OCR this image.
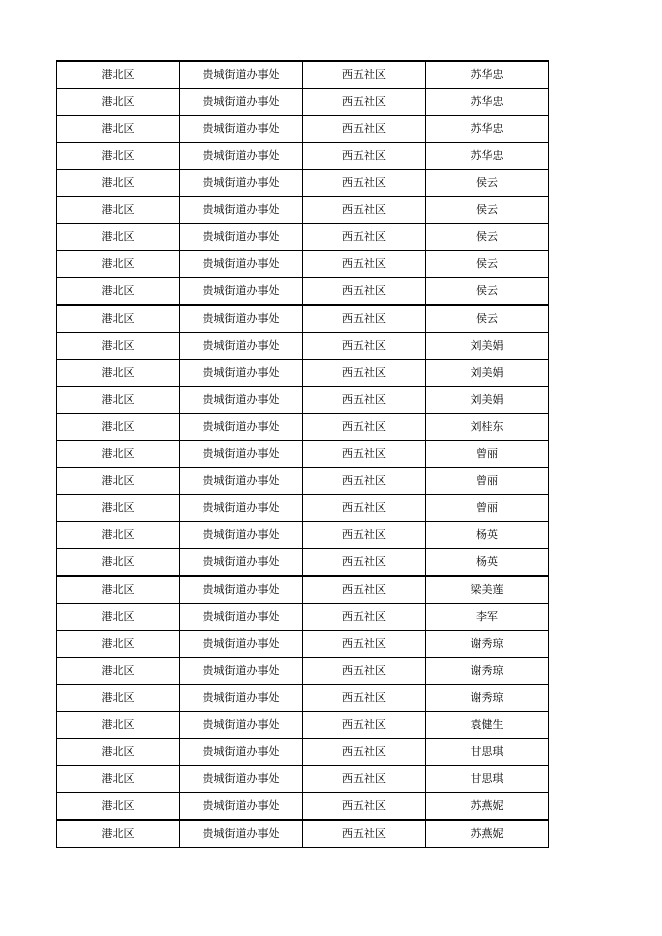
港北区	贵城街道办事处	西五社区	苏华忠
港北区	贵城街道办事处	西五社区	苏华忠
港北区	贵城街道办事处	西五社区	苏华忠
港北区	贵城街道办事处	西五社区	苏华忠
港北区	贵城街道办事处	西五社区	侯云
港北区	贵城街道办事处	西五社区	侯云
港北区	贵城街道办事处	西五社区	侯云
港北区	贵城街道办事处	西五社区	侯云
港北区	贵城街道办事处	西五社区	侯云
港北区	贵城街道办事处	西五社区	侯云
港北区	贵城街道办事处	西五社区	刘美娟
港北区	贵城街道办事处	西五社区	刘美娟
港北区	贵城街道办事处	西五社区	刘美娟
港北区	贵城街道办事处	西五社区	刘桂东
港北区	贵城街道办事处	西五社区	曾丽
港北区	贵城街道办事处	西五社区	曾丽
港北区	贵城街道办事处	西五社区	曾丽
港北区	贵城街道办事处	西五社区	杨英
港北区	贵城街道办事处	西五社区	杨英
港北区	贵城街道办事处	西五社区	梁美莲
港北区	贵城街道办事处	西五社区	李军
港北区	贵城街道办事处	西五社区	谢秀琼
港北区	贵城街道办事处	西五社区	谢秀琼
港北区	贵城街道办事处	西五社区	谢秀琼
港北区	贵城街道办事处	西五社区	袁健生
港北区	贵城街道办事处	西五社区	甘思琪
港北区	贵城街道办事处	西五社区	甘思琪
港北区	贵城街道办事处	西五社区	苏燕妮
港北区	贵城街道办事处	西五社区	苏燕妮
